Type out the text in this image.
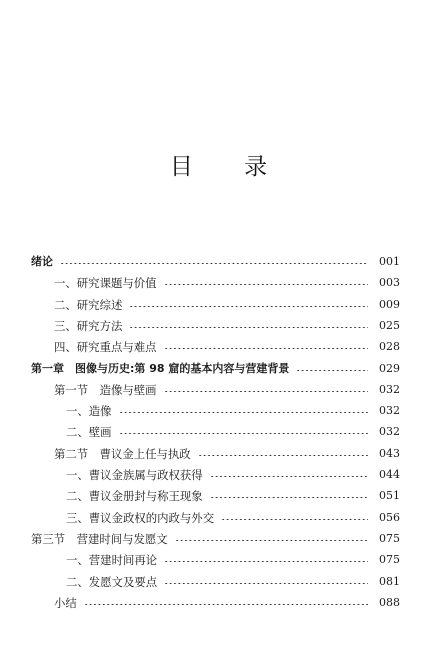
目 录
绪论	001
一、研究课题与价值	003
二、研究综述	009
三、研究方法	025
四、研究重点与难点	028
第一章　图像与历史:第 98 窟的基本内容与营建背景	029
第一节　造像与壁画	032
一、造像	032
二、壁画	032
第二节　曹议金上任与执政	043
一、曹议金族属与政权获得	044
二、曹议金册封与称王现象	051
三、曹议金政权的内政与外交	056
第三节　营建时间与发愿文	075
一、营建时间再论	075
二、发愿文及要点	081
小结	088
